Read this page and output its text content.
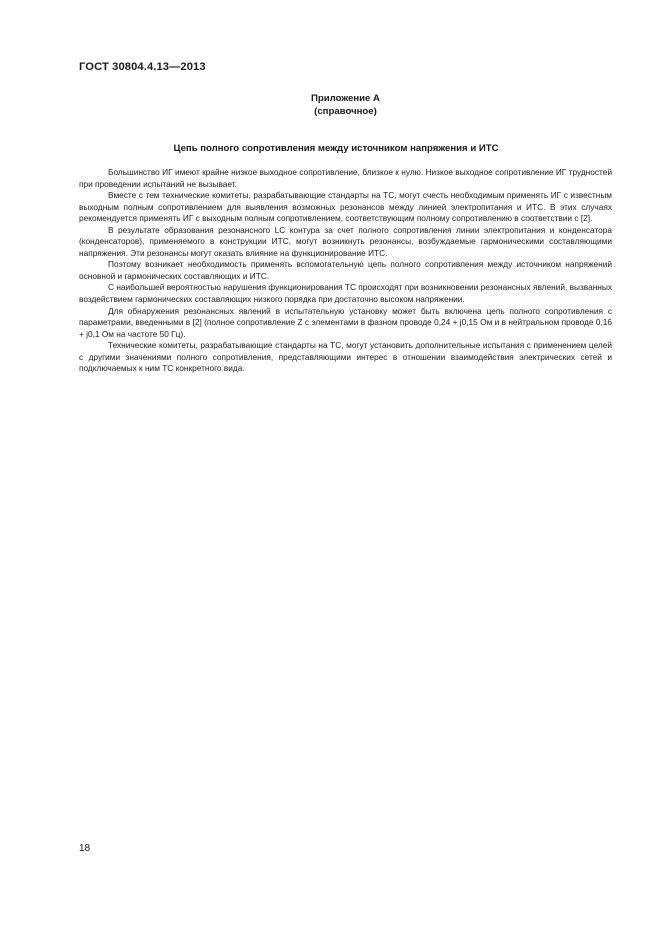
ГОСТ 30804.4.13—2013
Приложение А
(справочное)
Цепь полного сопротивления между источником напряжения и ИТС

Большинство ИГ имеют крайне низкое выходное сопротивление, близкое к нулю. Низкое выходное сопротивление ИГ трудностей при проведении испытаний не вызывает.

Вместе с тем технические комитеты, разрабатывающие стандарты на ТС, могут счесть необходимым применять ИГ с известным выходным полным сопротивлением для выявления возможных резонансов между линией электропитания и ИТС. В этих случаях рекомендуется применять ИГ с выходным полным сопротивлением, соответствующим полному сопротивлению в соответствии с [2].

В результате образования резонансного LC контура за счет полного сопротивления линии электропитания и конденсатора (конденсаторов), применяемого в конструкции ИТС, могут возникнуть резонансы, возбуждаемые гармоническими составляющими напряжения. Эти резонансы могут оказать влияние на функционирование ИТС.

Поэтому возникает необходимость применять вспомогательную цепь полного сопротивления между источником напряжений основной и гармонических составляющих и ИТС.

С наибольшей вероятностью нарушения функционирования ТС происходят при возникновении резонансных явлений, вызванных воздействием гармонических составляющих низкого порядка при достаточно высоком напряжении.

Для обнаружения резонансных явлений в испытательную установку может быть включена цепь полного сопротивления с параметрами, введенными в [2] (полное сопротивление Z с элементами в фазном проводе 0,24 + j0,15 Ом и в нейтральном проводе 0,16 + j0,1 Ом на частоте 50 Гц).

Технические комитеты, разрабатывающие стандарты на ТС, могут установить дополнительные испытания с применением целей с другими значениями полного сопротивления, представляющими интерес в отношении взаимодействия электрических сетей и подключаемых к ним ТС конкретного вида.

18
